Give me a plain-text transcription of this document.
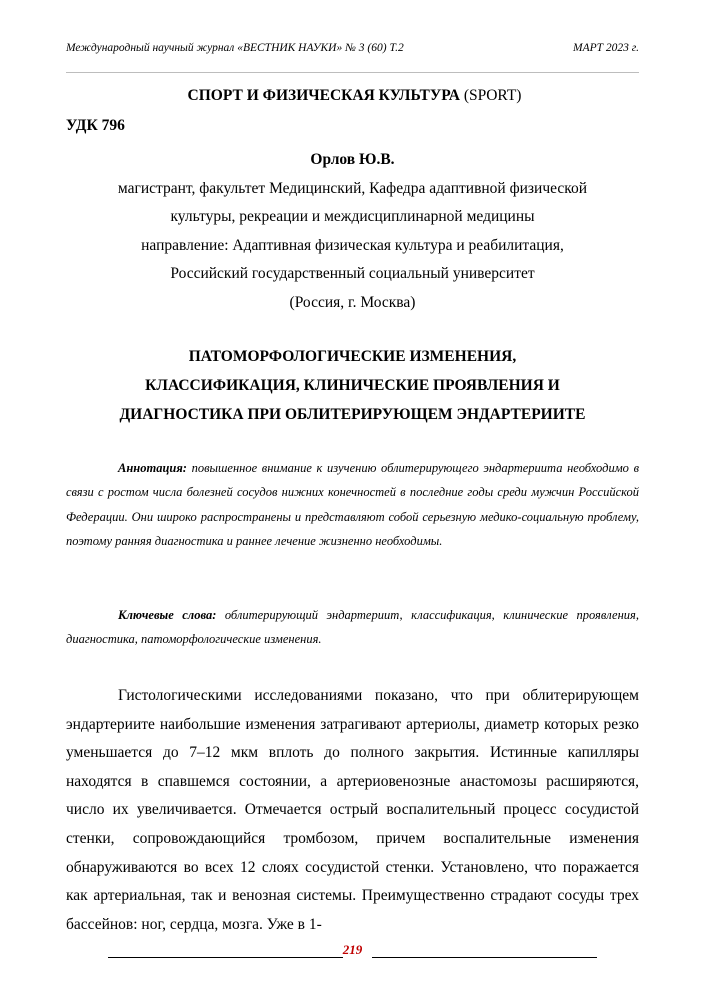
Международный научный журнал «ВЕСТНИК НАУКИ» № 3 (60) Т.2	МАРТ 2023 г.
СПОРТ И ФИЗИЧЕСКАЯ КУЛЬТУРА (SPORT)
УДК 796
Орлов Ю.В.
магистрант, факультет Медицинский, Кафедра адаптивной физической
культуры, рекреации и междисциплинарной медицины
направление: Адаптивная физическая культура и реабилитация,
Российский государственный социальный университет
(Россия, г. Москва)
ПАТОМОРФОЛОГИЧЕСКИЕ ИЗМЕНЕНИЯ,
КЛАССИФИКАЦИЯ, КЛИНИЧЕСКИЕ ПРОЯВЛЕНИЯ И
ДИАГНОСТИКА ПРИ ОБЛИТЕРИРУЮЩЕМ ЭНДАРТЕРИИТЕ

Аннотация: повышенное внимание к изучению облитерирующего эндартериита необходимо в связи с ростом числа болезней сосудов нижних конечностей в последние годы среди мужчин Российской Федерации. Они широко распространены и представляют собой серьезную медико-социальную проблему, поэтому ранняя диагностика и раннее лечение жизненно необходимы.

Ключевые слова: облитерирующий эндартериит, классификация, клинические проявления, диагностика, патоморфологические изменения.

Гистологическими исследованиями показано, что при облитерирующем эндартериите наибольшие изменения затрагивают артериолы, диаметр которых резко уменьшается до 7–12 мкм вплоть до полного закрытия. Истинные капилляры находятся в спавшемся состоянии, а артериовенозные анастомозы расширяются, число их увеличивается. Отмечается острый воспалительный процесс сосудистой стенки, сопровождающийся тромбозом, причем воспалительные изменения обнаруживаются во всех 12 слоях сосудистой стенки. Установлено, что поражается как артериальная, так и венозная системы. Преимущественно страдают сосуды трех бассейнов: ног, сердца, мозга. Уже в 1-

219
